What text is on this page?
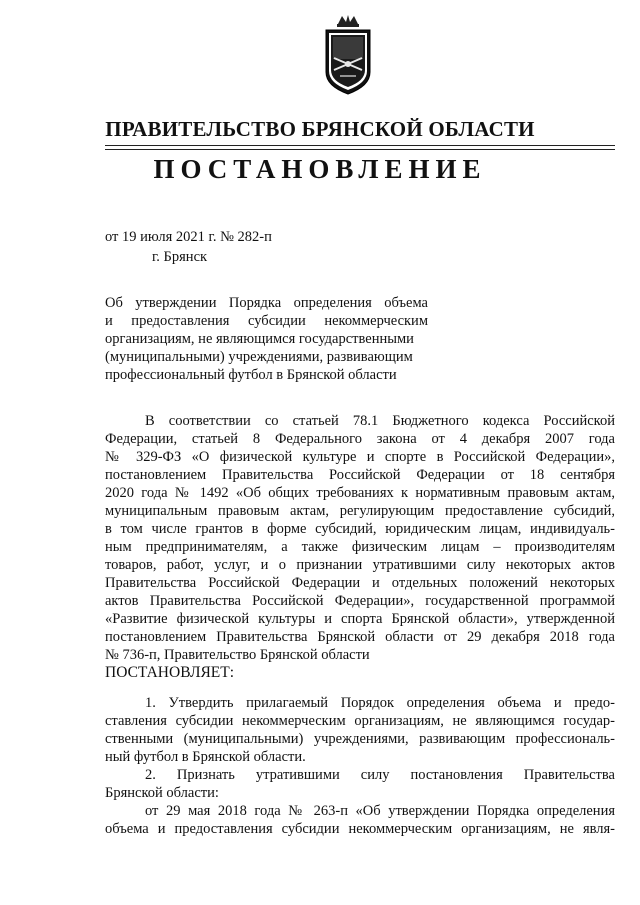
ПРАВИТЕЛЬСТВО БРЯНСКОЙ ОБЛАСТИ
ПОСТАНОВЛЕНИЕ
от 19 июля 2021 г. № 282-п
г. Брянск
Об утверждении Порядка определения объема
и предоставления субсидии некоммерческим
организациям, не являющимся государственными
(муниципальными) учреждениями, развивающим
профессиональный футбол в Брянской области
В соответствии со статьей 78.1 Бюджетного кодекса Российской
Федерации, статьей 8 Федерального закона от 4 декабря 2007 года
№ 329-ФЗ «О физической культуре и спорте в Российской Федерации»,
постановлением Правительства Российской Федерации от 18 сентября
2020 года № 1492 «Об общих требованиях к нормативным правовым актам,
муниципальным правовым актам, регулирующим предоставление субсидий,
в том числе грантов в форме субсидий, юридическим лицам, индивидуаль-
ным предпринимателям, а также физическим лицам – производителям
товаров, работ, услуг, и о признании утратившими силу некоторых актов
Правительства Российской Федерации и отдельных положений некоторых
актов Правительства Российской Федерации», государственной программой
«Развитие физической культуры и спорта Брянской области», утвержденной
постановлением Правительства Брянской области от 29 декабря 2018 года
№ 736-п, Правительство Брянской области
ПОСТАНОВЛЯЕТ:
1. Утвердить прилагаемый Порядок определения объема и предо-
ставления субсидии некоммерческим организациям, не являющимся государ-
ственными (муниципальными) учреждениями, развивающим профессиональ-
ный футбол в Брянской области.
2. Признать утратившими силу постановления Правительства
Брянской области:
от 29 мая 2018 года № 263-п «Об утверждении Порядка определения
объема и предоставления субсидии некоммерческим организациям, не явля-
